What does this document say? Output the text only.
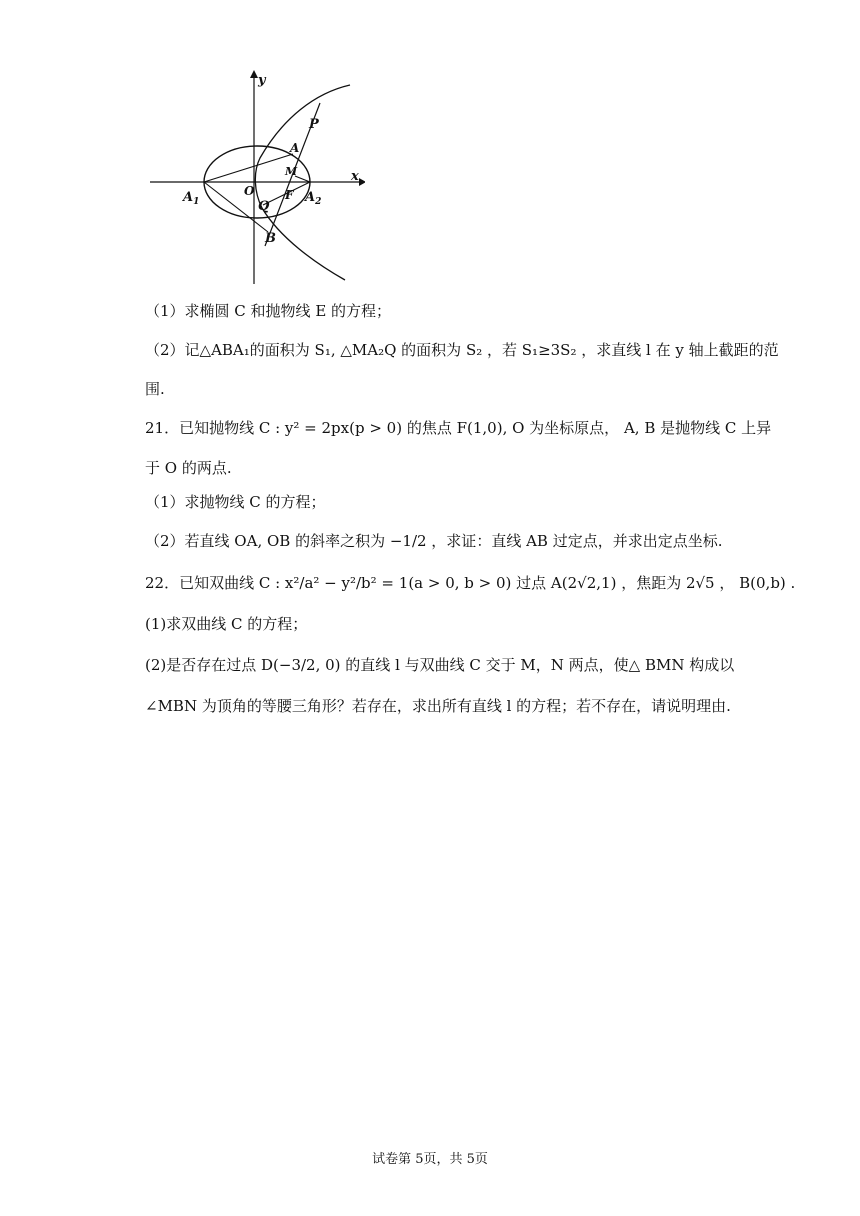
y
x
P
A
M
O	F
$A_1$	$A_2$
Q
B
（1）求椭圆 C 和抛物线 E 的方程；
（2）记△ABA₁的面积为 S₁, △MA₂Q 的面积为 S₂ ，若 S₁≥3S₂ ，求直线 l 在 y 轴上截距的范
围.
21．已知抛物线 C : y² = 2px(p > 0) 的焦点 F(1,0), O 为坐标原点， A, B 是抛物线 C 上异
于 O 的两点.
（1）求抛物线 C 的方程；
（2）若直线 OA, OB 的斜率之积为 −1/2 ，求证：直线 AB 过定点，并求出定点坐标.
22．已知双曲线 C : x²/a² − y²/b² = 1(a > 0, b > 0) 过点 A(2√2,1) ，焦距为 2√5 ， B(0,b) .
(1)求双曲线 C 的方程；
(2)是否存在过点 D(−3/2, 0) 的直线 l 与双曲线 C 交于 M，N 两点，使△ BMN 构成以
∠MBN 为顶角的等腰三角形？若存在，求出所有直线 l 的方程；若不存在，请说明理由.
试卷第 5页，共 5页
